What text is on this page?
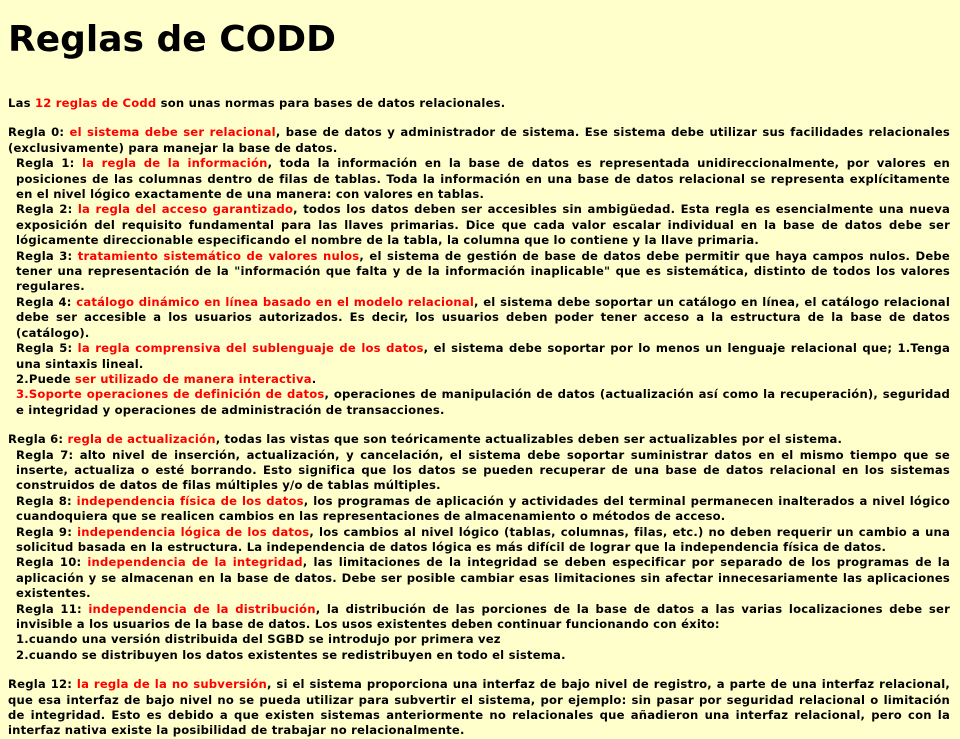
Reglas de CODD

Las 12 reglas de Codd son unas normas para bases de datos relacionales.

Regla 0: el sistema debe ser relacional, base de datos y administrador de sistema. Ese sistema debe utilizar sus facilidades relacionales (exclusivamente) para manejar la base de datos.

Regla 1: la regla de la información, toda la información en la base de datos es representada unidireccionalmente, por valores en posiciones de las columnas dentro de filas de tablas. Toda la información en una base de datos relacional se representa explícitamente en el nivel lógico exactamente de una manera: con valores en tablas.

Regla 2: la regla del acceso garantizado, todos los datos deben ser accesibles sin ambigüedad. Esta regla es esencialmente una nueva exposición del requisito fundamental para las llaves primarias. Dice que cada valor escalar individual en la base de datos debe ser lógicamente direccionable especificando el nombre de la tabla, la columna que lo contiene y la llave primaria.

Regla 3: tratamiento sistemático de valores nulos, el sistema de gestión de base de datos debe permitir que haya campos nulos. Debe tener una representación de la "información que falta y de la información inaplicable" que es sistemática, distinto de todos los valores regulares.

Regla 4: catálogo dinámico en línea basado en el modelo relacional, el sistema debe soportar un catálogo en línea, el catálogo relacional debe ser accesible a los usuarios autorizados. Es decir, los usuarios deben poder tener acceso a la estructura de la base de datos (catálogo).

Regla 5: la regla comprensiva del sublenguaje de los datos, el sistema debe soportar por lo menos un lenguaje relacional que; 1.Tenga una sintaxis lineal.

2.Puede ser utilizado de manera interactiva.

3.Soporte operaciones de definición de datos, operaciones de manipulación de datos (actualización así como la recuperación), seguridad e integridad y operaciones de administración de transacciones.

Regla 6: regla de actualización, todas las vistas que son teóricamente actualizables deben ser actualizables por el sistema.

Regla 7: alto nivel de inserción, actualización, y cancelación, el sistema debe soportar suministrar datos en el mismo tiempo que se inserte, actualiza o esté borrando. Esto significa que los datos se pueden recuperar de una base de datos relacional en los sistemas construidos de datos de filas múltiples y/o de tablas múltiples.

Regla 8: independencia física de los datos, los programas de aplicación y actividades del terminal permanecen inalterados a nivel lógico cuandoquiera que se realicen cambios en las representaciones de almacenamiento o métodos de acceso.

Regla 9: independencia lógica de los datos, los cambios al nivel lógico (tablas, columnas, filas, etc.) no deben requerir un cambio a una solicitud basada en la estructura. La independencia de datos lógica es más difícil de lograr que la independencia física de datos.

Regla 10: independencia de la integridad, las limitaciones de la integridad se deben especificar por separado de los programas de la aplicación y se almacenan en la base de datos. Debe ser posible cambiar esas limitaciones sin afectar innecesariamente las aplicaciones existentes.

Regla 11: independencia de la distribución, la distribución de las porciones de la base de datos a las varias localizaciones debe ser invisible a los usuarios de la base de datos. Los usos existentes deben continuar funcionando con éxito:

1.cuando una versión distribuida del SGBD se introdujo por primera vez

2.cuando se distribuyen los datos existentes se redistribuyen en todo el sistema.

Regla 12: la regla de la no subversión, si el sistema proporciona una interfaz de bajo nivel de registro, a parte de una interfaz relacional, que esa interfaz de bajo nivel no se pueda utilizar para subvertir el sistema, por ejemplo: sin pasar por seguridad relacional o limitación de integridad. Esto es debido a que existen sistemas anteriormente no relacionales que añadieron una interfaz relacional, pero con la interfaz nativa existe la posibilidad de trabajar no relacionalmente.
